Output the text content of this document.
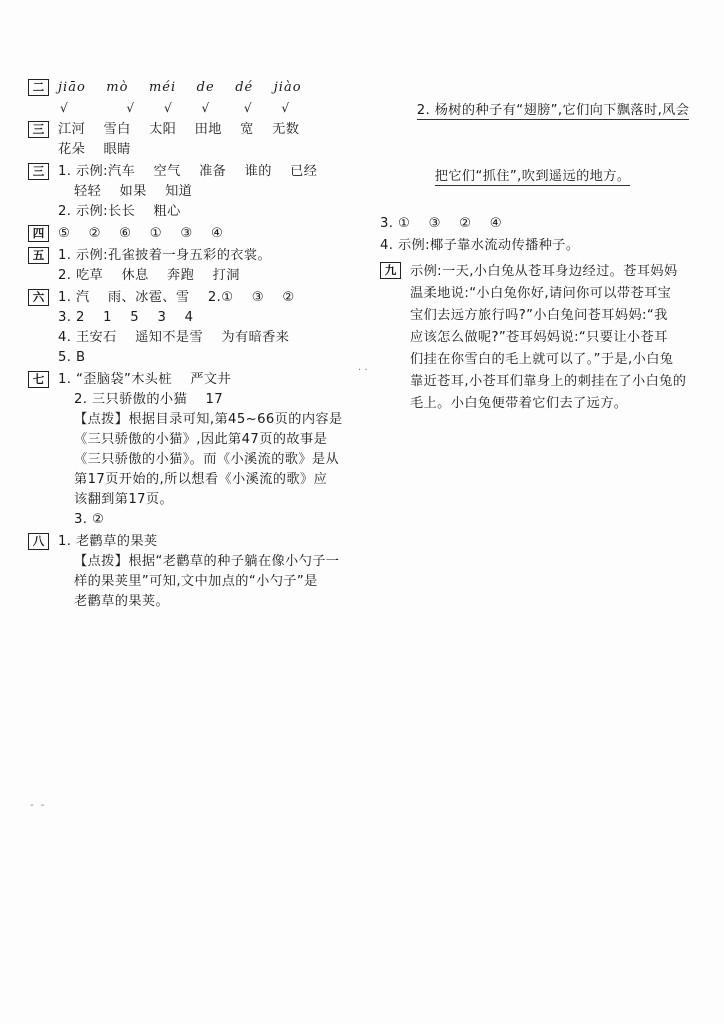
二	jiāo    mò    méi    de    dé    jiào
√            √      √      √       √      √
三	江河    雪白    太阳    田地    宽    无数
花朵    眼睛
三	1. 示例:汽车    空气    准备    谁的    已经
轻轻    如果    知道
2. 示例:长长    粗心
四	⑤    ②    ⑥    ①    ③    ④
五	1. 示例:孔雀披着一身五彩的衣裳。
2. 吃草    休息    奔跑    打洞
六	1. 汽    雨、冰雹、雪    2.①    ③    ②
3. 2    1    5    3    4
4. 王安石    遥知不是雪    为有暗香来
5. B
七	1. “歪脑袋”木头桩    严文井
2. 三只骄傲的小猫    17
【点拨】根据目录可知,第45~66页的内容是
《三只骄傲的小猫》,因此第47页的故事是
《三只骄傲的小猫》。而《小溪流的歌》是从
第17页开始的,所以想看《小溪流的歌》应
该翻到第17页。
3. ②
八	1. 老鹳草的果荚
【点拨】根据“老鹳草的种子躺在像小勺子一
样的果荚里”可知,文中加点的“小勺子”是
老鹳草的果荚。

2. 杨树的种子有“翅膀”,它们向下飘落时,风会

把它们“抓住”,吹到遥远的地方。

3. ①    ③    ②    ④
4. 示例:椰子靠水流动传播种子。
九	示例:一天,小白兔从苍耳身边经过。苍耳妈妈
温柔地说:“小白兔你好,请问你可以带苍耳宝
宝们去远方旅行吗?”小白兔问苍耳妈妈:“我
应该怎么做呢?”苍耳妈妈说:“只要让小苍耳
们挂在你雪白的毛上就可以了。”于是,小白兔
靠近苍耳,小苍耳们靠身上的刺挂在了小白兔的
毛上。小白兔便带着它们去了远方。
· ·
- -
